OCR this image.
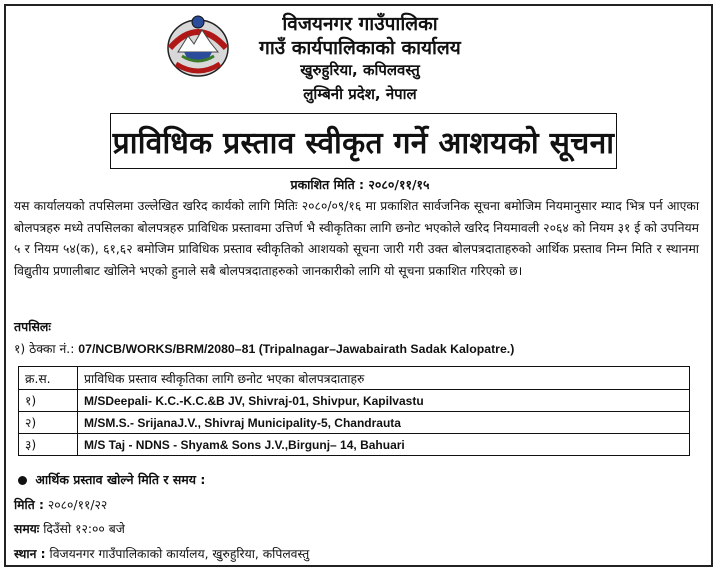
विजयनगर गाउँपालिका
गाउँ कार्यपालिकाको कार्यालय
खुरुहुरिया, कपिलवस्तु
लुम्बिनी प्रदेश, नेपाल
प्राविधिक प्रस्ताव स्वीकृत गर्ने आशयको सूचना
प्रकाशित मिति : २०८०/११/१५
यस कार्यालयको तपसिलमा उल्लेखित खरिद कार्यको लागि मितिः २०८०/०९/१६ मा प्रकाशित सार्वजनिक सूचना बमोजिम नियमानुसार म्याद भित्र पर्न आएका बोलपत्रहरु मध्ये तपसिलका बोलपत्रहरु प्राविधिक प्रस्तावमा उत्तिर्ण भै स्वीकृतिका लागि छनोट भएकोले खरिद नियमावली २०६४ को नियम ३१ ई को उपनियम ५ र नियम ५४(क), ६१,६२ बमोजिम प्राविधिक प्रस्ताव स्वीकृतिको आशयको सूचना जारी गरी उक्त बोलपत्रदाताहरुको आर्थिक प्रस्ताव निम्न मिति र स्थानमा विद्युतीय प्रणालीबाट खोलिने भएको हुनाले सबै बोलपत्रदाताहरुको जानकारीको लागि यो सूचना प्रकाशित गरिएको छ।
तपसिलः
१) ठेक्का नं.: 07/NCB/WORKS/BRM/2080–81 (Tripalnagar–Jawabairath Sadak Kalopatre.)
क्र.स.	प्राविधिक प्रस्ताव स्वीकृतिका लागि छनोट भएका बोलपत्रदाताहरु
१)	M/SDeepali- K.C.-K.C.&B JV, Shivraj-01, Shivpur, Kapilvastu
२)	M/SM.S.- SrijanaJ.V., Shivraj Municipality-5, Chandrauta
३)	M/S Taj - NDNS - Shyam& Sons J.V.,Birgunj– 14, Bahuari
आर्थिक प्रस्ताव खोल्ने मिति र समय :
मिति : २०८०/११/२२
समयः दिउँसो १२:०० बजे
स्थान : विजयनगर गाउँपालिकाको कार्यालय, खुरुहुरिया, कपिलवस्तु
